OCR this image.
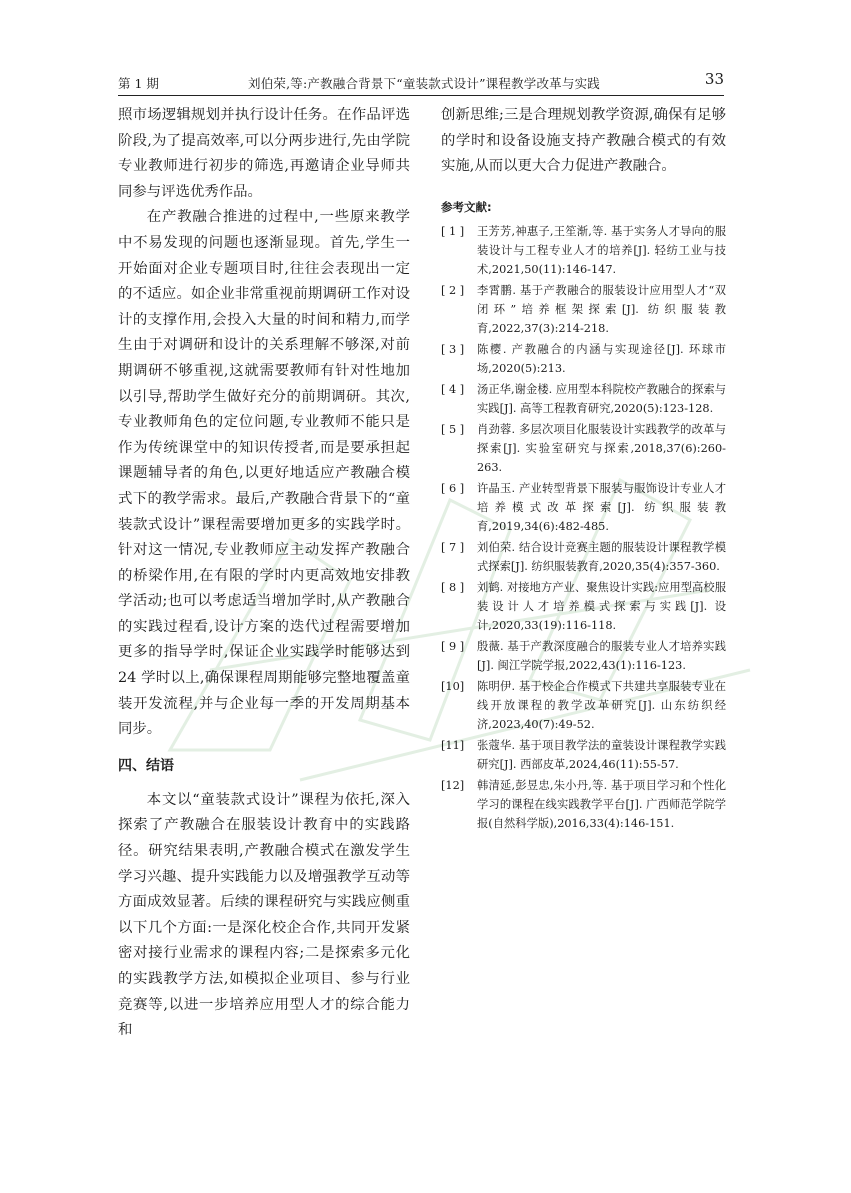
第 1 期	刘伯荣,等:产教融合背景下“童装款式设计”课程教学改革与实践	33

照市场逻辑规划并执行设计任务。在作品评选阶段,为了提高效率,可以分两步进行,先由学院专业教师进行初步的筛选,再邀请企业导师共同参与评选优秀作品。

在产教融合推进的过程中,一些原来教学中不易发现的问题也逐渐显现。首先,学生一开始面对企业专题项目时,往往会表现出一定的不适应。如企业非常重视前期调研工作对设计的支撑作用,会投入大量的时间和精力,而学生由于对调研和设计的关系理解不够深,对前期调研不够重视,这就需要教师有针对性地加以引导,帮助学生做好充分的前期调研。其次,专业教师角色的定位问题,专业教师不能只是作为传统课堂中的知识传授者,而是要承担起课题辅导者的角色,以更好地适应产教融合模式下的教学需求。最后,产教融合背景下的“童装款式设计”课程需要增加更多的实践学时。针对这一情况,专业教师应主动发挥产教融合的桥梁作用,在有限的学时内更高效地安排教学活动;也可以考虑适当增加学时,从产教融合的实践过程看,设计方案的迭代过程需要增加更多的指导学时,保证企业实践学时能够达到 24 学时以上,确保课程周期能够完整地覆盖童装开发流程,并与企业每一季的开发周期基本同步。

四、结语

本文以“童装款式设计”课程为依托,深入探索了产教融合在服装设计教育中的实践路径。研究结果表明,产教融合模式在激发学生学习兴趣、提升实践能力以及增强教学互动等方面成效显著。后续的课程研究与实践应侧重以下几个方面:一是深化校企合作,共同开发紧密对接行业需求的课程内容;二是探索多元化的实践教学方法,如模拟企业项目、参与行业竞赛等,以进一步培养应用型人才的综合能力和

创新思维;三是合理规划教学资源,确保有足够的学时和设备设施支持产教融合模式的有效实施,从而以更大合力促进产教融合。

参考文献:
[ 1 ]	王芳芳,神惠子,王笙渐,等. 基于实务人才导向的服装设计与工程专业人才的培养[J]. 轻纺工业与技术,2021,50(11):146-147.
[ 2 ]	李霄鹏. 基于产教融合的服装设计应用型人才“双闭环”培养框架探索[J]. 纺织服装教育,2022,37(3):214-218.
[ 3 ]	陈樱. 产教融合的内涵与实现途径[J]. 环球市场,2020(5):213.
[ 4 ]	汤正华,谢金楼. 应用型本科院校产教融合的探索与实践[J]. 高等工程教育研究,2020(5):123-128.
[ 5 ]	肖劲蓉. 多层次项目化服装设计实践教学的改革与探索[J]. 实验室研究与探索,2018,37(6):260-263.
[ 6 ]	许晶玉. 产业转型背景下服装与服饰设计专业人才培养模式改革探索[J]. 纺织服装教育,2019,34(6):482-485.
[ 7 ]	刘伯荣. 结合设计竞赛主题的服装设计课程教学模式探索[J]. 纺织服装教育,2020,35(4):357-360.
[ 8 ]	刘鹤. 对接地方产业、聚焦设计实践:应用型高校服装设计人才培养模式探索与实践[J]. 设计,2020,33(19):116-118.
[ 9 ]	殷薇. 基于产教深度融合的服装专业人才培养实践[J]. 闽江学院学报,2022,43(1):116-123.
[10]	陈明伊. 基于校企合作模式下共建共享服装专业在线开放课程的教学改革研究[J]. 山东纺织经济,2023,40(7):49-52.
[11]	张蔻华. 基于项目教学法的童装设计课程教学实践研究[J]. 西部皮革,2024,46(11):55-57.
[12]	韩清延,彭昱忠,朱小丹,等. 基于项目学习和个性化学习的课程在线实践教学平台[J]. 广西师范学院学报(自然科学版),2016,33(4):146-151.
